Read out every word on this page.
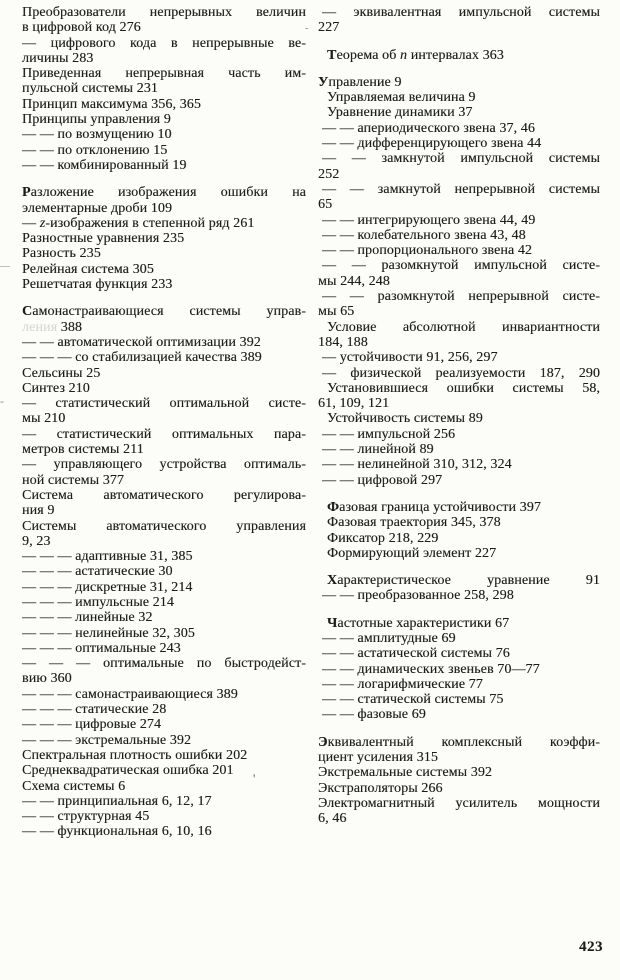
Преобразователи непрерывных величин
в цифровой код 276
— цифрового кода в непрерывные ве-
личины 283
Приведенная непрерывная часть им-
пульсной системы 231
Принцип максимума 356, 365
Принципы управления 9
— — по возмущению 10
— — по отклонению 15
— — комбинированный 19
Разложение изображения ошибки на
элементарные дроби 109
— z-изображения в степенной ряд 261
Разностные уравнения 235
Разность 235
Релейная система 305
Решетчатая функция 233
Самонастраивающиеся системы управ-
ления 388
— — автоматической оптимизации 392
— — — со стабилизацией качества 389
Сельсины 25
Синтез 210
— статистический оптимальной систе-
мы 210
— статистический оптимальных пара-
метров системы 211
— управляющего устройства оптималь-
ной системы 377
Система автоматического регулирова-
ния 9
Системы автоматического управления
9, 23
— — — адаптивные 31, 385
— — — астатические 30
— — — дискретные 31, 214
— — — импульсные 214
— — — линейные 32
— — — нелинейные 32, 305
— — — оптимальные 243
— — — оптимальные по быстродейст-
вию 360
— — — самонастраивающиеся 389
— — — статические 28
— — — цифровые 274
— — — экстремальные 392
Спектральная плотность ошибки 202
Среднеквадратическая ошибка 201
Схема системы 6
— — принципиальная 6, 12, 17
— — структурная 45
— — функциональная 6, 10, 16
— эквивалентная импульсной системы
227
Теорема об n интервалах 363
Управление 9
Управляемая величина 9
Уравнение динамики 37
— — апериодического звена 37, 46
— — дифференцирующего звена 44
— — замкнутой импульсной системы
252
— — замкнутой непрерывной системы
65
— — интегрирующего звена 44, 49
— — колебательного звена 43, 48
— — пропорционального звена 42
— — разомкнутой импульсной систе-
мы 244, 248
— — разомкнутой непрерывной систе-
мы 65
Условие абсолютной инвариантности
184, 188
— устойчивости 91, 256, 297
— физической реализуемости 187, 290
Установившиеся ошибки системы 58,
61, 109, 121
Устойчивость системы 89
— — импульсной 256
— — линейной 89
— — нелинейной 310, 312, 324
— — цифровой 297
Фазовая граница устойчивости 397
Фазовая траектория 345, 378
Фиксатор 218, 229
Формирующий элемент 227
Характеристическое уравнение 91
— — преобразованное 258, 298
Частотные характеристики 67
— — амплитудные 69
— — астатической системы 76
— — динамических звеньев 70—77
— — логарифмические 77
— — статической системы 75
— — фазовые 69
Эквивалентный комплексный коэффи-
циент усиления 315
Экстремальные системы 392
Экстраполяторы 266
Электромагнитный усилитель мощности
6, 46
423
—
-
'
-
